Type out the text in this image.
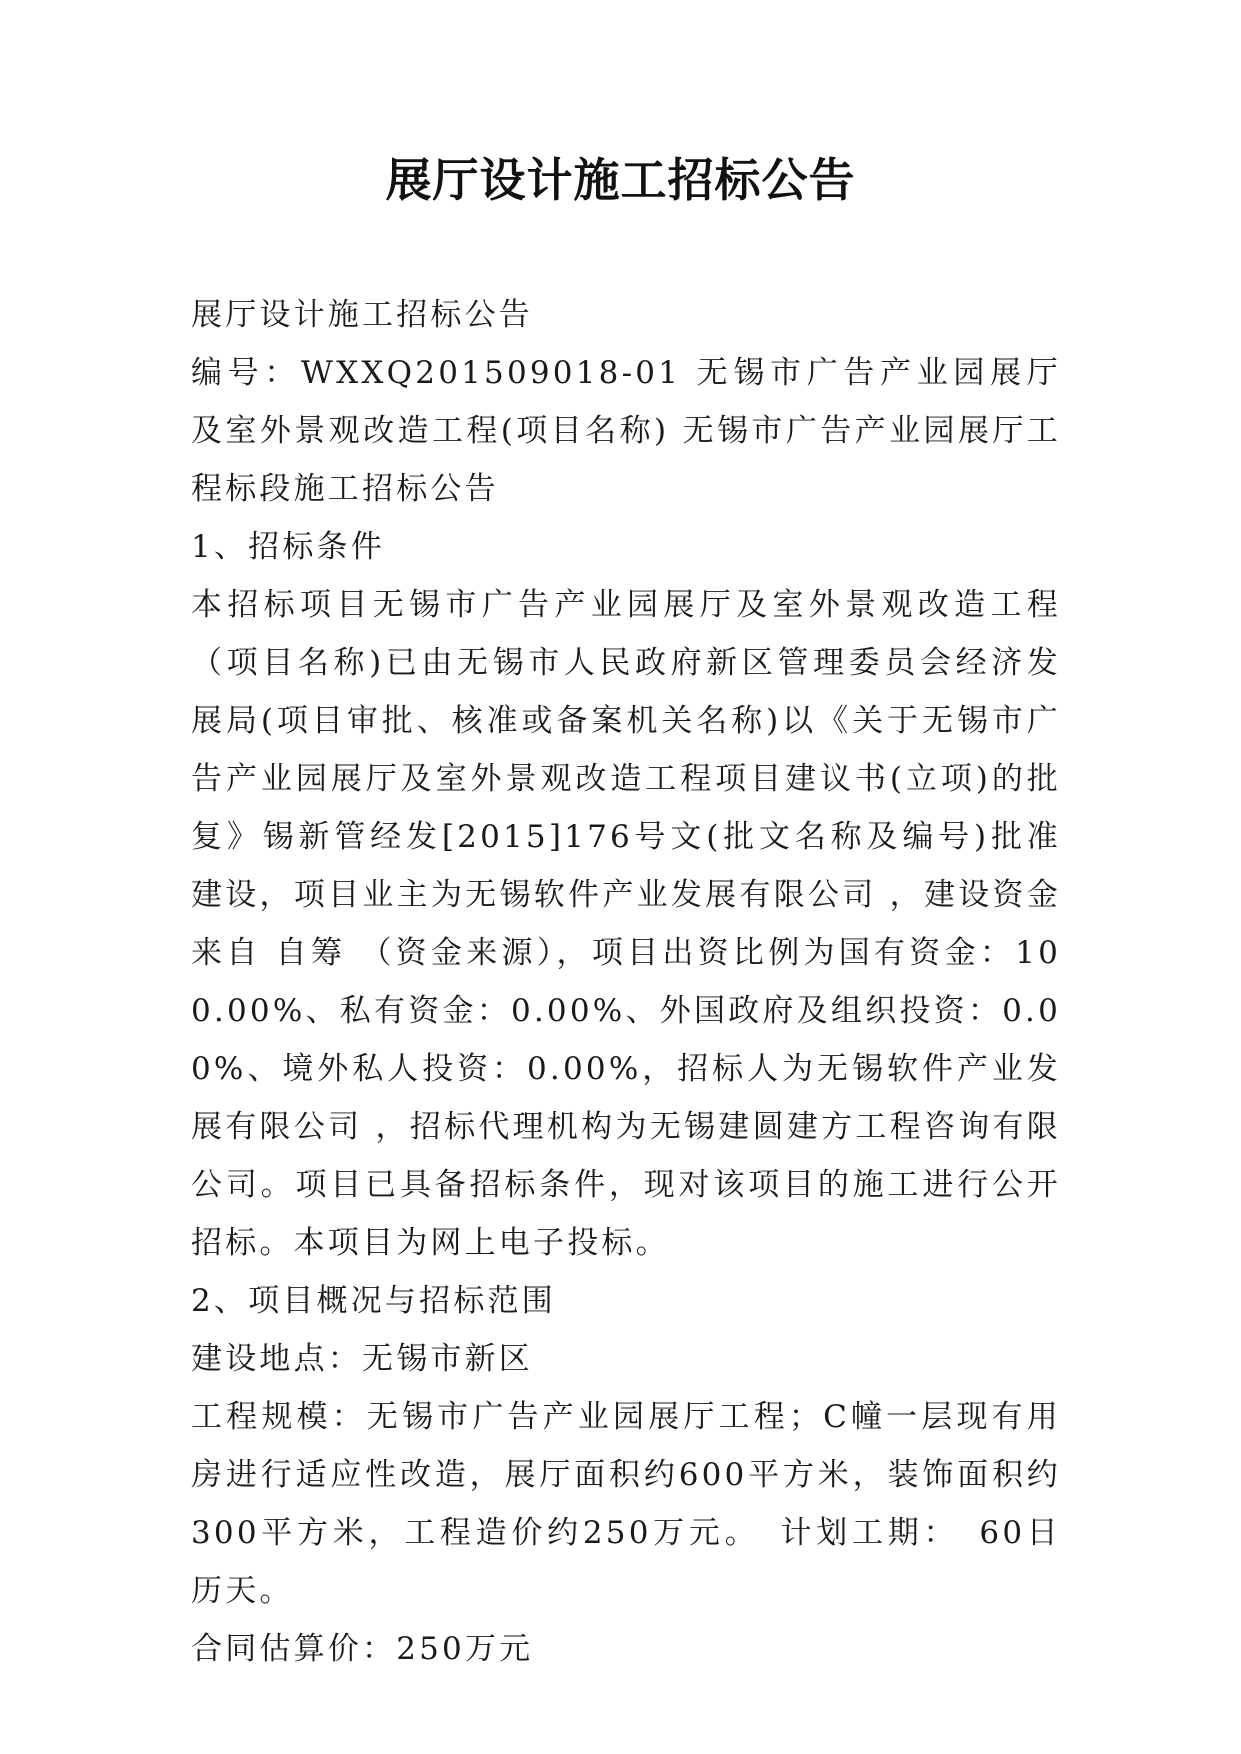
展厅设计施工招标公告

展厅设计施工招标公告

编号：WXXQ201509018-01 无锡市广告产业园展厅及室外景观改造工程(项目名称) 无锡市广告产业园展厅工程标段施工招标公告

1、招标条件

本招标项目无锡市广告产业园展厅及室外景观改造工程（项目名称)已由无锡市人民政府新区管理委员会经济发展局(项目审批、核准或备案机关名称)以《关于无锡市广告产业园展厅及室外景观改造工程项目建议书(立项)的批复》锡新管经发[2015]176号文(批文名称及编号)批准建设，项目业主为无锡软件产业发展有限公司 ，建设资金来自 自筹 （资金来源），项目出资比例为国有资金：100.00%、私有资金：0.00%、外国政府及组织投资：0.00%、境外私人投资：0.00%，招标人为无锡软件产业发展有限公司 ，招标代理机构为无锡建圆建方工程咨询有限公司。项目已具备招标条件，现对该项目的施工进行公开招标。本项目为网上电子投标。

2、项目概况与招标范围

建设地点：无锡市新区

工程规模：无锡市广告产业园展厅工程；C幢一层现有用房进行适应性改造，展厅面积约600平方米，装饰面积约300平方米，工程造价约250万元。　计划工期：　60日历天。

合同估算价：250万元
